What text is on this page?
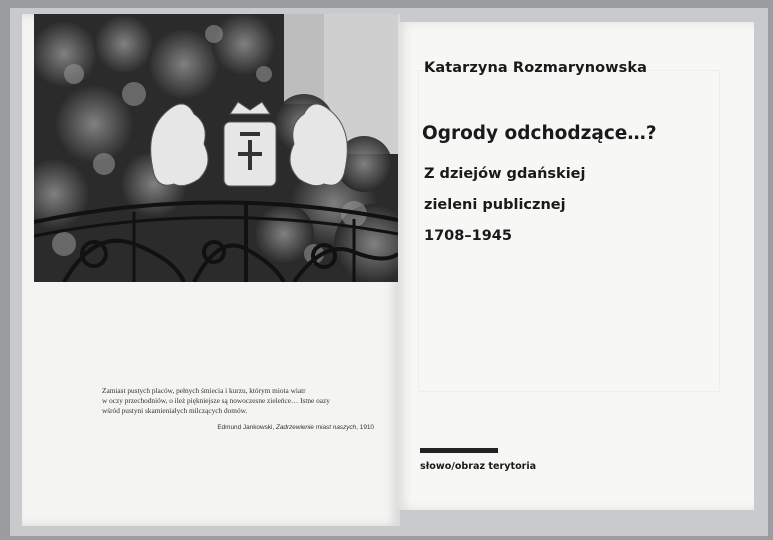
Zamiast pustych placów, pełnych śmiecia i kurzu, którym miota wiatr
w oczy przechodniów, o ileż piękniejsze są nowoczesne zieleńce… Istne oazy
wśród pustyni skamieniałych milczących domów.
Edmund Jankowski, Zadrzewienie miast naszych, 1910
Katarzyna Rozmarynowska
Ogrody odchodzące…?
Z dziejów gdańskiej
zieleni publicznej
1708–1945
słowo/obraz terytoria
